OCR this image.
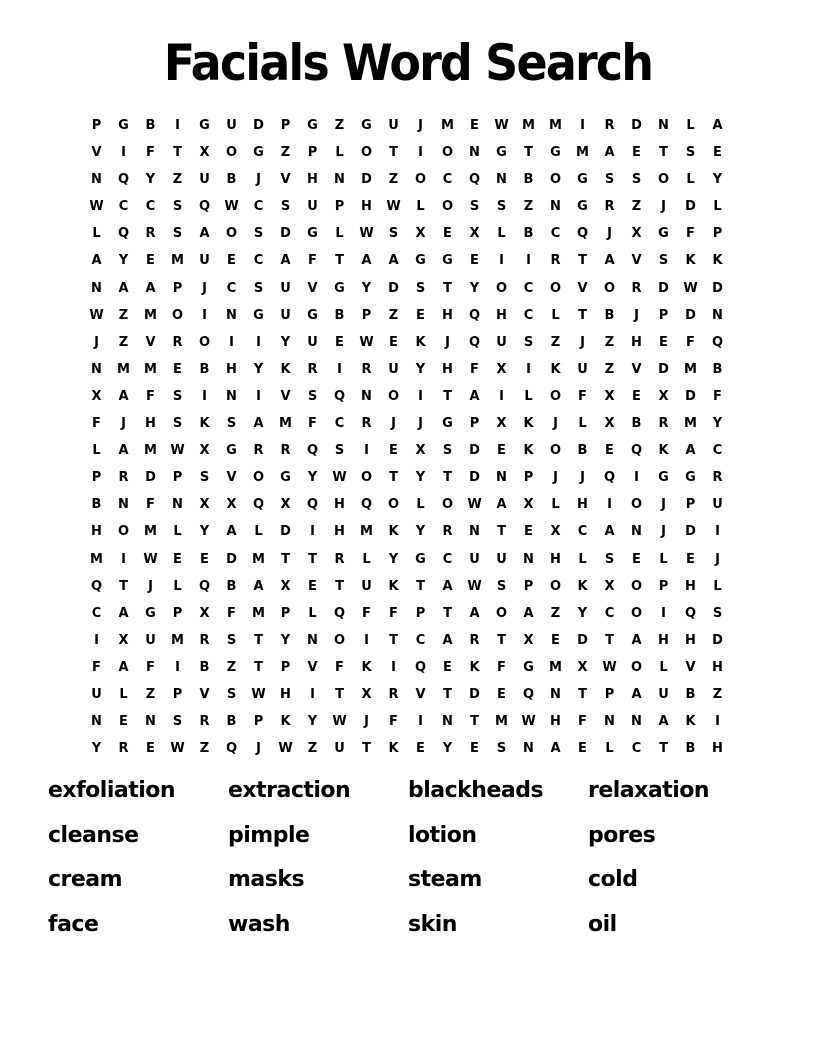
Facials Word Search
P	G	B	I	G	U	D	P	G	Z	G	U	J	M	E	W	M	M	I	R	D	N	L	A
V	I	F	T	X	O	G	Z	P	L	O	T	I	O	N	G	T	G	M	A	E	T	S	E
N	Q	Y	Z	U	B	J	V	H	N	D	Z	O	C	Q	N	B	O	G	S	S	O	L	Y
W	C	C	S	Q	W	C	S	U	P	H	W	L	O	S	S	Z	N	G	R	Z	J	D	L
L	Q	R	S	A	O	S	D	G	L	W	S	X	E	X	L	B	C	Q	J	X	G	F	P
A	Y	E	M	U	E	C	A	F	T	A	A	G	G	E	I	I	R	T	A	V	S	K	K
N	A	A	P	J	C	S	U	V	G	Y	D	S	T	Y	O	C	O	V	O	R	D	W	D
W	Z	M	O	I	N	G	U	G	B	P	Z	E	H	Q	H	C	L	T	B	J	P	D	N
J	Z	V	R	O	I	I	Y	U	E	W	E	K	J	Q	U	S	Z	J	Z	H	E	F	Q
N	M	M	E	B	H	Y	K	R	I	R	U	Y	H	F	X	I	K	U	Z	V	D	M	B
X	A	F	S	I	N	I	V	S	Q	N	O	I	T	A	I	L	O	F	X	E	X	D	F
F	J	H	S	K	S	A	M	F	C	R	J	J	G	P	X	K	J	L	X	B	R	M	Y
L	A	M	W	X	G	R	R	Q	S	I	E	X	S	D	E	K	O	B	E	Q	K	A	C
P	R	D	P	S	V	O	G	Y	W	O	T	Y	T	D	N	P	J	J	Q	I	G	G	R
B	N	F	N	X	X	Q	X	Q	H	Q	O	L	O	W	A	X	L	H	I	O	J	P	U
H	O	M	L	Y	A	L	D	I	H	M	K	Y	R	N	T	E	X	C	A	N	J	D	I
M	I	W	E	E	D	M	T	T	R	L	Y	G	C	U	U	N	H	L	S	E	L	E	J
Q	T	J	L	Q	B	A	X	E	T	U	K	T	A	W	S	P	O	K	X	O	P	H	L
C	A	G	P	X	F	M	P	L	Q	F	F	P	T	A	O	A	Z	Y	C	O	I	Q	S
I	X	U	M	R	S	T	Y	N	O	I	T	C	A	R	T	X	E	D	T	A	H	H	D
F	A	F	I	B	Z	T	P	V	F	K	I	Q	E	K	F	G	M	X	W	O	L	V	H
U	L	Z	P	V	S	W	H	I	T	X	R	V	T	D	E	Q	N	T	P	A	U	B	Z
N	E	N	S	R	B	P	K	Y	W	J	F	I	N	T	M	W	H	F	N	N	A	K	I
Y	R	E	W	Z	Q	J	W	Z	U	T	K	E	Y	E	S	N	A	E	L	C	T	B	H
exfoliation	extraction	blackheads	relaxation
cleanse	pimple	lotion	pores
cream	masks	steam	cold
face	wash	skin	oil
